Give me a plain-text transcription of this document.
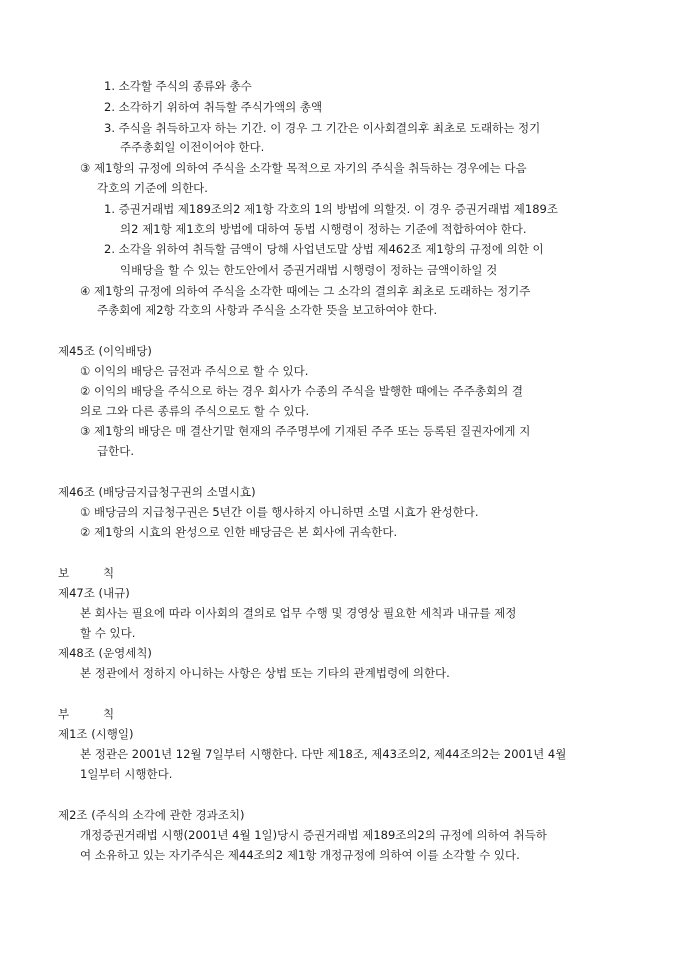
1. 소각할 주식의 종류와 총수
2. 소각하기 위하여 취득할 주식가액의 총액
3. 주식을 취득하고자 하는 기간. 이 경우 그 기간은 이사회결의후 최초로 도래하는 정기
주주총회일 이전이어야 한다.
③ 제1항의 규정에 의하여 주식을 소각할 목적으로 자기의 주식을 취득하는 경우에는 다음
각호의 기준에 의한다.
1. 증권거래법 제189조의2 제1항 각호의 1의 방법에 의할것. 이 경우 증권거래법 제189조
의2 제1항 제1호의 방법에 대하여 동법 시행령이 정하는 기준에 적합하여야 한다.
2. 소각을 위하여 취득할 금액이 당해 사업년도말 상법 제462조 제1항의 규정에 의한 이
익배당을 할 수 있는 한도안에서 증권거래법 시행령이 정하는 금액이하일 것
④ 제1항의 규정에 의하여 주식을 소각한 때에는 그 소각의 결의후 최초로 도래하는 정기주
주총회에 제2항 각호의 사항과 주식을 소각한 뜻을 보고하여야 한다.
제45조 (이익배당)
① 이익의 배당은 금전과 주식으로 할 수 있다.
② 이익의 배당을 주식으로 하는 경우 회사가 수종의 주식을 발행한 때에는 주주총회의 결
의로 그와 다른 종류의 주식으로도 할 수 있다.
③ 제1항의 배당은 매 결산기말 현재의 주주명부에 기재된 주주 또는 등록된 질권자에게 지
급한다.
제46조 (배당금지급청구권의 소멸시효)
① 배당금의 지급청구권은 5년간 이를 행사하지 아니하면 소멸 시효가 완성한다.
② 제1항의 시효의 완성으로 인한 배당금은 본 회사에 귀속한다.
보	칙
제47조 (내규)
본 회사는 필요에 따라 이사회의 결의로 업무 수행 및 경영상 필요한 세칙과 내규를 제정
할 수 있다.
제48조 (운영세칙)
본 정관에서 정하지 아니하는 사항은 상법 또는 기타의 관계법령에 의한다.
부	칙
제1조 (시행일)
본 정관은 2001년 12월 7일부터 시행한다. 다만 제18조, 제43조의2, 제44조의2는 2001년 4월
1일부터 시행한다.
제2조 (주식의 소각에 관한 경과조치)
개정증권거래법 시행(2001년 4월 1일)당시 증권거래법 제189조의2의 규정에 의하여 취득하
여 소유하고 있는 자기주식은 제44조의2 제1항 개정규정에 의하여 이를 소각할 수 있다.
